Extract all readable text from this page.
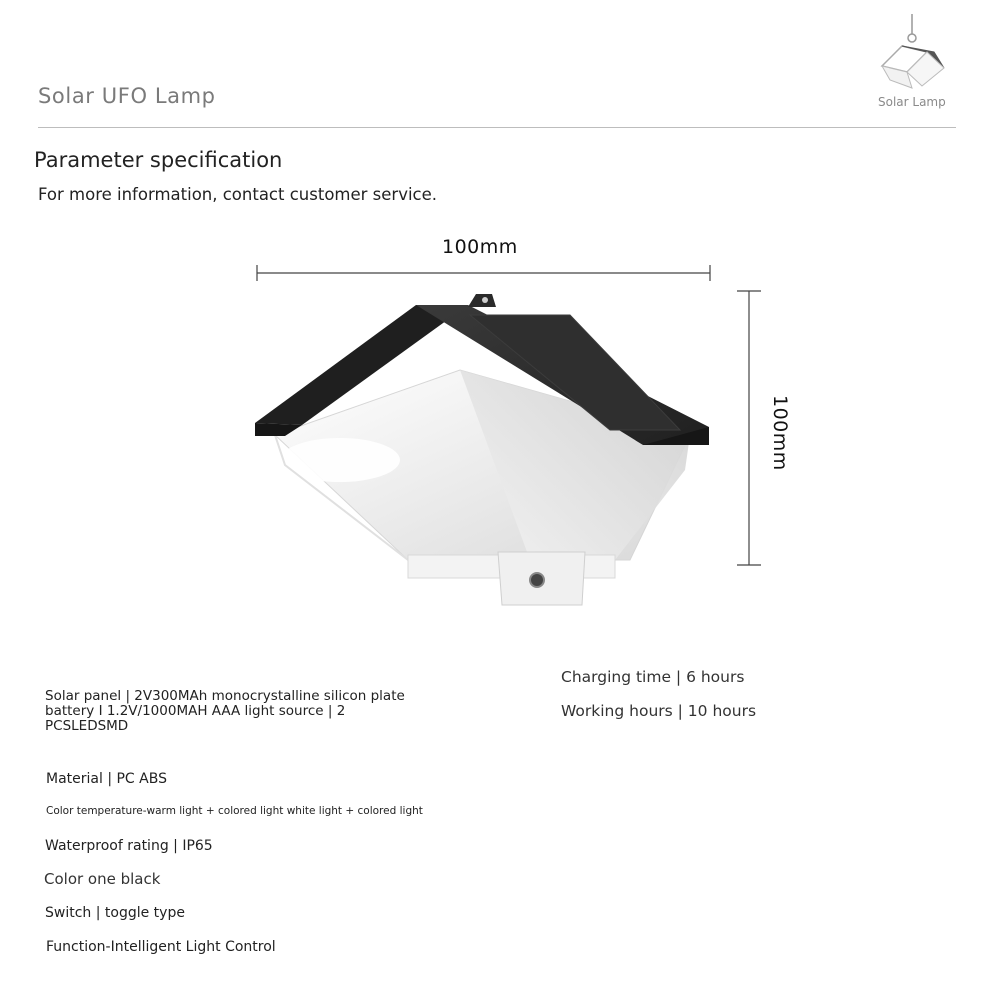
Solar UFO Lamp	Solar Lamp
Parameter specification
For more information, contact customer service.
100mm
100mm
Solar panel | 2V300MAh monocrystalline silicon plate battery I 1.2V/1000MAH AAA light source | 2 PCSLEDSMD
Material | PC ABS
Color temperature-warm light + colored light white light + colored light
Waterproof rating | IP65
Color one black
Switch | toggle type
Function-Intelligent Light Control
Charging time | 6 hours
Working hours | 10 hours
